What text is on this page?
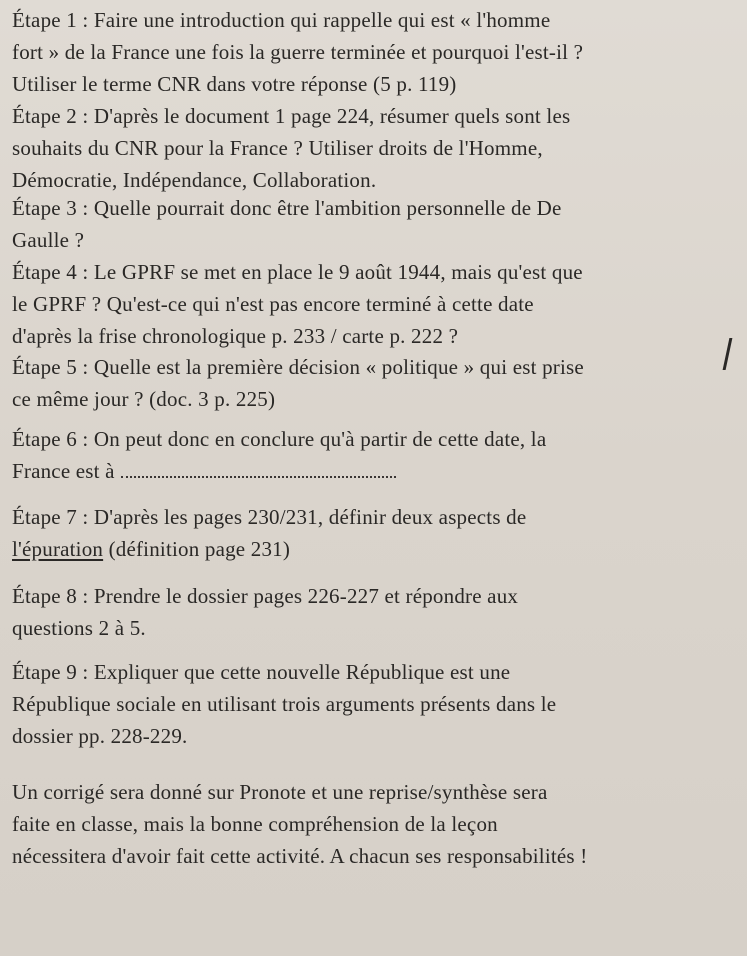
Étape 1 : Faire une introduction qui rappelle qui est « l'homme
fort » de la France une fois la guerre terminée et pourquoi l'est-il ?
Utiliser le terme CNR dans votre réponse (5 p. 119)
Étape 2 : D'après le document 1 page 224, résumer quels sont les
souhaits du CNR pour la France ? Utiliser droits de l'Homme,
Démocratie, Indépendance, Collaboration.
Étape 3 : Quelle pourrait donc être l'ambition personnelle de De
Gaulle ?
Étape 4 : Le GPRF se met en place le 9 août 1944, mais qu'est que
le GPRF ? Qu'est-ce qui n'est pas encore terminé à cette date
d'après la frise chronologique p. 233 / carte p. 222 ?
Étape 5 : Quelle est la première décision « politique » qui est prise
ce même jour ? (doc. 3 p. 225)
Étape 6 : On peut donc en conclure qu'à partir de cette date, la
France est à
Étape 7 : D'après les pages 230/231, définir deux aspects de
l'épuration (définition page 231)
Étape 8 : Prendre le dossier pages 226-227 et répondre aux
questions 2 à 5.
Étape 9 : Expliquer que cette nouvelle République est une
République sociale en utilisant trois arguments présents dans le
dossier pp. 228-229.
Un corrigé sera donné sur Pronote et une reprise/synthèse sera
faite en classe, mais la bonne compréhension de la leçon
nécessitera d'avoir fait cette activité. A chacun ses responsabilités !
